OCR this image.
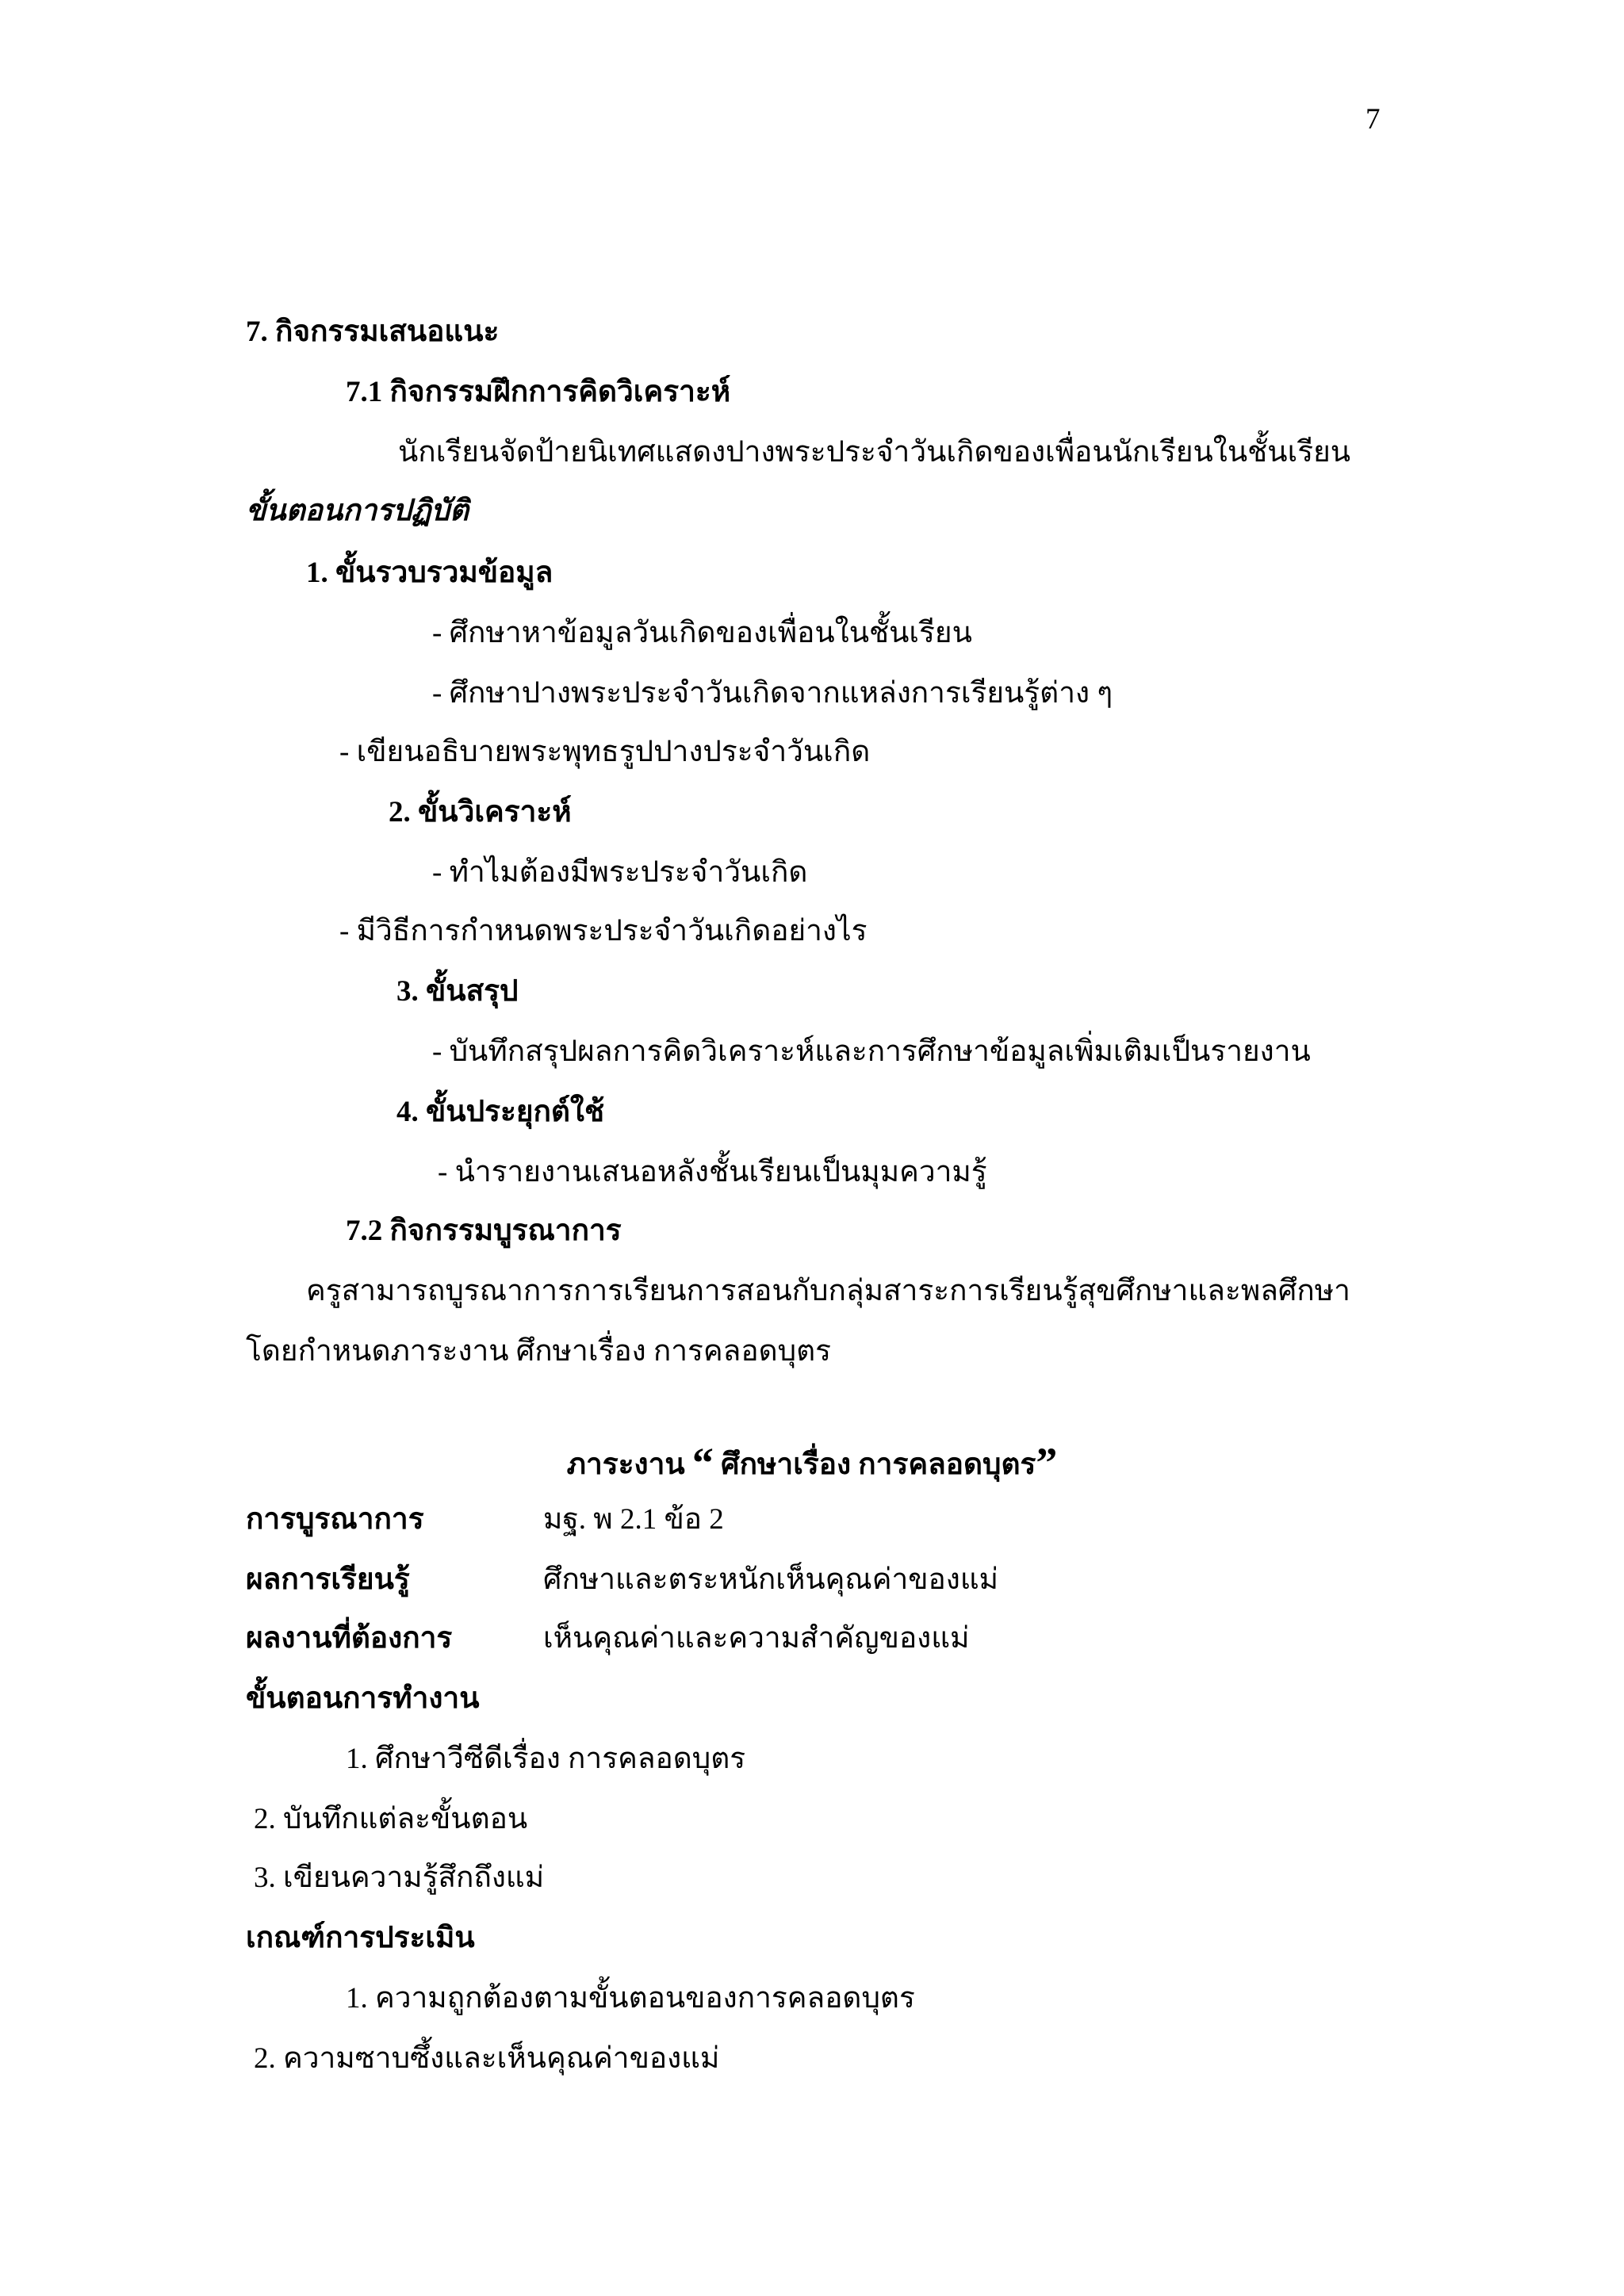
7
7. กิจกรรมเสนอแนะ
7.1 กิจกรรมฝึกการคิดวิเคราะห์
นักเรียนจัดป้ายนิเทศแสดงปางพระประจำวันเกิดของเพื่อนนักเรียนในชั้นเรียน
ขั้นตอนการปฏิบัติ
1. ขั้นรวบรวมข้อมูล
- ศึกษาหาข้อมูลวันเกิดของเพื่อนในชั้นเรียน
- ศึกษาปางพระประจำวันเกิดจากแหล่งการเรียนรู้ต่าง ๆ
- เขียนอธิบายพระพุทธรูปปางประจำวันเกิด
2. ขั้นวิเคราะห์
- ทำไมต้องมีพระประจำวันเกิด
- มีวิธีการกำหนดพระประจำวันเกิดอย่างไร
3. ขั้นสรุป
- บันทึกสรุปผลการคิดวิเคราะห์และการศึกษาข้อมูลเพิ่มเติมเป็นรายงาน
4. ขั้นประยุกต์ใช้
- นำรายงานเสนอหลังชั้นเรียนเป็นมุมความรู้
7.2 กิจกรรมบูรณาการ
ครูสามารถบูรณาการการเรียนการสอนกับกลุ่มสาระการเรียนรู้สุขศึกษาและพลศึกษา
โดยกำหนดภาระงาน ศึกษาเรื่อง การคลอดบุตร
ภาระงาน “ ศึกษาเรื่อง การคลอดบุตร”
การบูรณาการ	มฐ. พ 2.1 ข้อ 2
ผลการเรียนรู้	ศึกษาและตระหนักเห็นคุณค่าของแม่
ผลงานที่ต้องการ	เห็นคุณค่าและความสำคัญของแม่
ขั้นตอนการทำงาน
1. ศึกษาวีซีดีเรื่อง การคลอดบุตร
2. บันทึกแต่ละขั้นตอน
3. เขียนความรู้สึกถึงแม่
เกณฑ์การประเมิน
1. ความถูกต้องตามขั้นตอนของการคลอดบุตร
2. ความซาบซึ้งและเห็นคุณค่าของแม่
